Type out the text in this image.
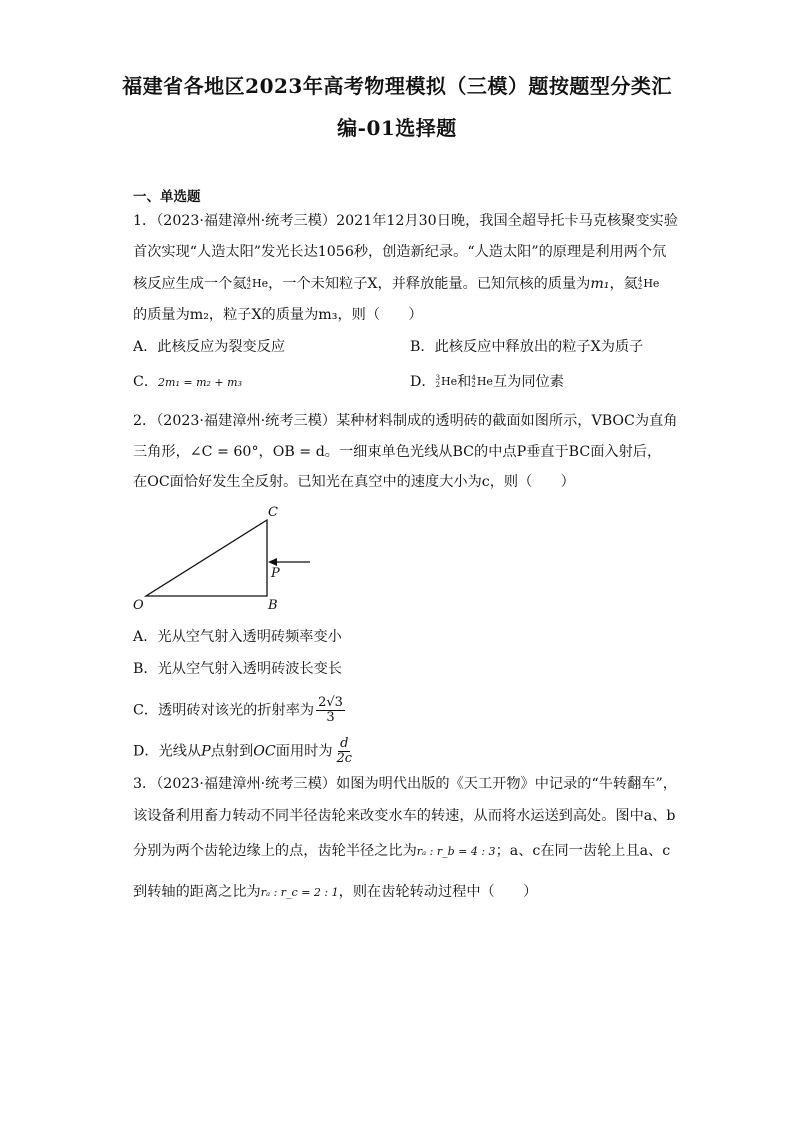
福建省各地区2023年高考物理模拟（三模）题按题型分类汇
编-01选择题
一、单选题
1．（2023·福建漳州·统考三模）2021年12月30日晚，我国全超导托卡马克核聚变实验
首次实现“人造太阳”发光长达1056秒，创造新纪录。“人造太阳”的原理是利用两个氘
核反应生成一个氦 4
2 He ，一个未知粒子X，并释放能量。已知氘核的质量为m₁，氦 4
2 He
的质量为m₂，粒子X的质量为m₃，则（　　）
A．此核反应为裂变反应	B．此核反应中释放出的粒子X为质子
C．2m₁ = m₂ + m₃	D． 3
2 He 和 4
2 He 互为同位素
2．（2023·福建漳州·统考三模）某种材料制成的透明砖的截面如图所示，VBOC为直角
三角形，∠C = 60°，OB = d。一细束单色光线从BC的中点P垂直于BC面入射后，
在OC面恰好发生全反射。已知光在真空中的速度大小为c，则（　　）
C
P
O	B
A．光从空气射入透明砖频率变小
B．光从空气射入透明砖波长变长
C．透明砖对该光的折射率为 $\frac{2√3}{3}$
D．光线从P点射到OC面用时为 $\frac{d}{2c}$
3．（2023·福建漳州·统考三模）如图为明代出版的《天工开物》中记录的“牛转翻车”，
该设备利用畜力转动不同半径齿轮来改变水车的转速，从而将水运送到高处。图中a、b
分别为两个齿轮边缘上的点，齿轮半径之比为rₐ : r_b = 4 : 3；a、c在同一齿轮上且a、c
到转轴的距离之比为rₐ : r_c = 2 : 1，则在齿轮转动过程中（　　）
